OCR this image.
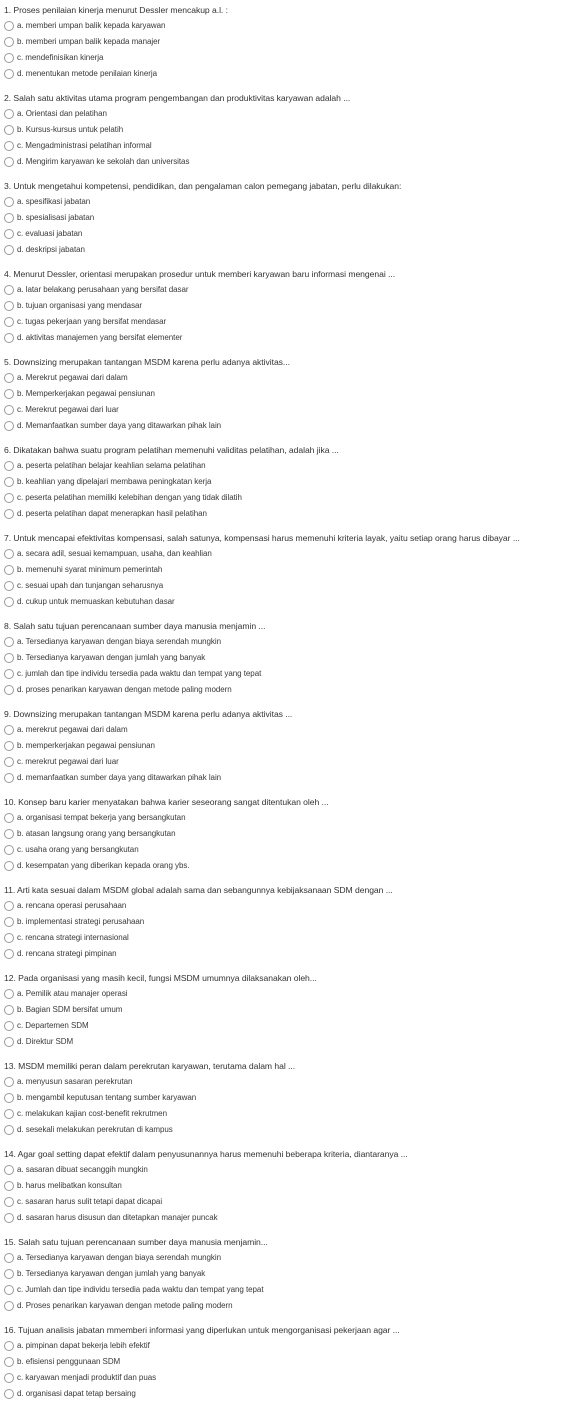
1. Proses penilaian kinerja menurut Dessler mencakup a.l. :
a. memberi umpan balik kepada karyawan
b. memberi umpan balik kepada manajer
c. mendefinisikan kinerja
d. menentukan metode penilaian kinerja
2. Salah satu aktivitas utama program pengembangan dan produktivitas karyawan adalah ...
a. Orientasi dan pelatihan
b. Kursus-kursus untuk pelatih
c. Mengadministrasi pelatihan informal
d. Mengirim karyawan ke sekolah dan universitas
3. Untuk mengetahui kompetensi, pendidikan, dan pengalaman calon pemegang jabatan, perlu dilakukan:
a. spesifikasi jabatan
b. spesialisasi jabatan
c. evaluasi jabatan
d. deskripsi jabatan
4. Menurut Dessler, orientasi merupakan prosedur untuk memberi karyawan baru informasi mengenai ...
a. latar belakang perusahaan yang bersifat dasar
b. tujuan organisasi yang mendasar
c. tugas pekerjaan yang bersifat mendasar
d. aktivitas manajemen yang bersifat elementer
5. Downsizing merupakan tantangan MSDM karena perlu adanya aktivitas...
a. Merekrut pegawai dari dalam
b. Memperkerjakan pegawai pensiunan
c. Merekrut pegawai dari luar
d. Memanfaatkan sumber daya yang ditawarkan pihak lain
6. Dikatakan bahwa suatu program pelatihan memenuhi validitas pelatihan, adalah jika ...
a. peserta pelatihan belajar keahlian selama pelatihan
b. keahlian yang dipelajari membawa peningkatan kerja
c. peserta pelatihan memiliki kelebihan dengan yang tidak dilatih
d. peserta pelatihan dapat menerapkan hasil pelatihan
7. Untuk mencapai efektivitas kompensasi, salah satunya, kompensasi harus memenuhi kriteria layak, yaitu setiap orang harus dibayar ...
a. secara adil, sesuai kemampuan, usaha, dan keahlian
b. memenuhi syarat minimum pemerintah
c. sesuai upah dan tunjangan seharusnya
d. cukup untuk memuaskan kebutuhan dasar
8. Salah satu tujuan perencanaan sumber daya manusia menjamin ...
a. Tersedianya karyawan dengan biaya serendah mungkin
b. Tersedianya karyawan dengan jumlah yang banyak
c. jumlah dan tipe individu tersedia pada waktu dan tempat yang tepat
d. proses penarikan karyawan dengan metode paling modern
9. Downsizing merupakan tantangan MSDM karena perlu adanya aktivitas ...
a. merekrut pegawai dari dalam
b. memperkerjakan pegawai pensiunan
c. merekrut pegawai dari luar
d. memanfaatkan sumber daya yang ditawarkan pihak lain
10. Konsep baru karier menyatakan bahwa karier seseorang sangat ditentukan oleh ...
a. organisasi tempat bekerja yang bersangkutan
b. atasan langsung orang yang bersangkutan
c. usaha orang yang bersangkutan
d. kesempatan yang diberikan kepada orang ybs.
11. Arti kata sesuai dalam MSDM global adalah sama dan sebangunnya kebijaksanaan SDM dengan ...
a. rencana operasi perusahaan
b. implementasi strategi perusahaan
c. rencana strategi internasional
d. rencana strategi pimpinan
12. Pada organisasi yang masih kecil, fungsi MSDM umumnya dilaksanakan oleh...
a. Pemilik atau manajer operasi
b. Bagian SDM bersifat umum
c. Departemen SDM
d. Direktur SDM
13. MSDM memiliki peran dalam perekrutan karyawan, terutama dalam hal ...
a. menyusun sasaran perekrutan
b. mengambil keputusan tentang sumber karyawan
c. melakukan kajian cost-benefit rekrutmen
d. sesekali melakukan perekrutan di kampus
14. Agar goal setting dapat efektif dalam penyusunannya harus memenuhi beberapa kriteria, diantaranya ...
a. sasaran dibuat secanggih mungkin
b. harus melibatkan konsultan
c. sasaran harus sulit tetapi dapat dicapai
d. sasaran harus disusun dan ditetapkan manajer puncak
15. Salah satu tujuan perencanaan sumber daya manusia menjamin...
a. Tersedianya karyawan dengan biaya serendah mungkin
b. Tersedianya karyawan dengan jumlah yang banyak
c. Jumlah dan tipe individu tersedia pada waktu dan tempat yang tepat
d. Proses penarikan karyawan dengan metode paling modern
16. Tujuan analisis jabatan mmemberi informasi yang diperlukan untuk mengorganisasi pekerjaan agar ...
a. pimpinan dapat bekerja lebih efektif
b. efisiensi penggunaan SDM
c. karyawan menjadi produktif dan puas
d. organisasi dapat tetap bersaing
